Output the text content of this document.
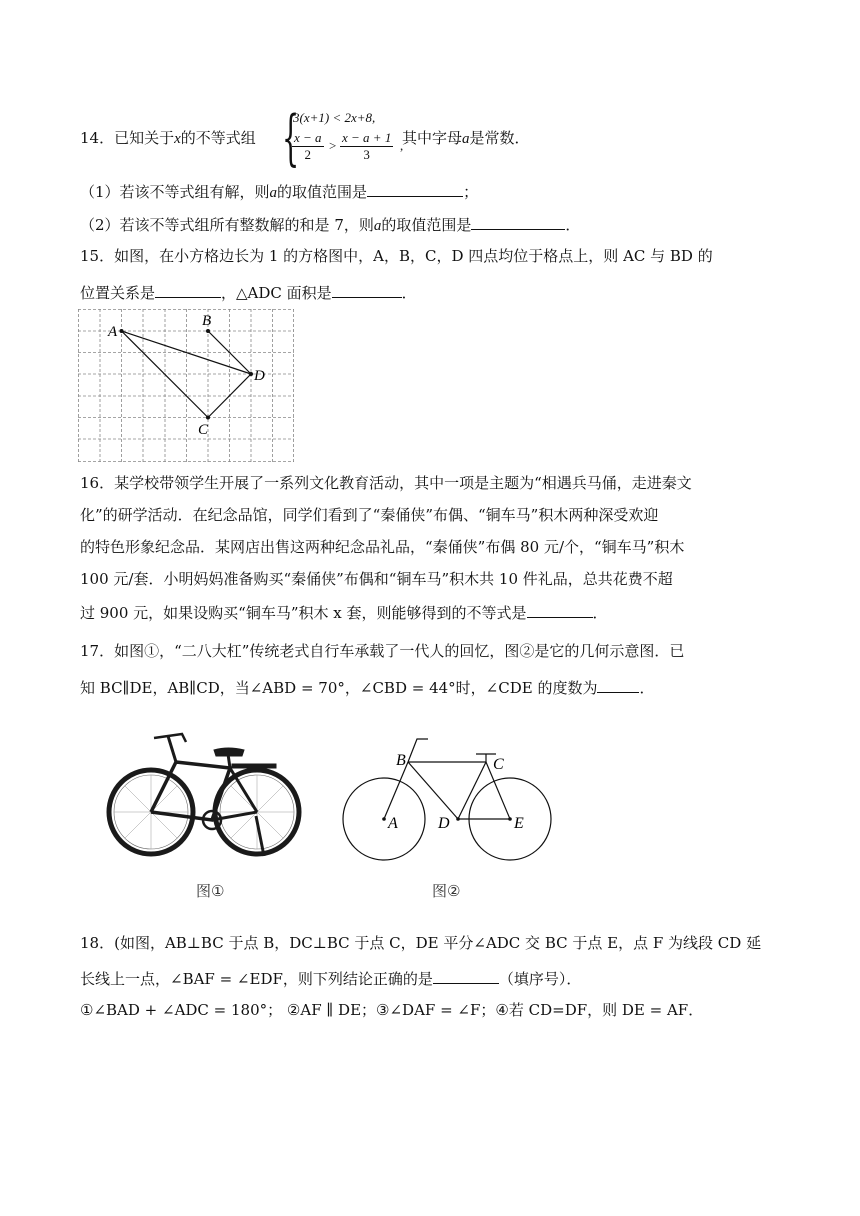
14．已知关于x的不等式组 {
3(x+1) < 2x+8,
$\frac{x - a}{2} > \frac{x - a + 1}{3}$ ,
其中字母a是常数．
（1）若该不等式组有解，则a的取值范围是	；
（2）若该不等式组所有整数解的和是 7，则a的取值范围是	．
15．如图，在小方格边长为 1 的方格图中，A，B，C，D 四点均位于格点上，则 AC 与 BD 的
位置关系是	，△ADC 面积是	．
A
B
D
C
16．某学校带领学生开展了一系列文化教育活动，其中一项是主题为“相遇兵马俑，走进秦文
化”的研学活动．在纪念品馆，同学们看到了“秦俑侠”布偶、“铜车马”积木两种深受欢迎
的特色形象纪念品．某网店出售这两种纪念品礼品，“秦俑侠”布偶 80 元/个，“铜车马”积木
100 元/套．小明妈妈准备购买“秦俑侠”布偶和“铜车马”积木共 10 件礼品，总共花费不超
过 900 元，如果设购买“铜车马”积木 x 套，则能够得到的不等式是	．
17．如图①，“二八大杠”传统老式自行车承载了一代人的回忆，图②是它的几何示意图．已
知 BC∥DE，AB∥CD，当∠ABD = 70°，∠CBD = 44°时，∠CDE 的度数为	．
图①
B	C
A	D	E
图②
18．(如图，AB⊥BC 于点 B，DC⊥BC 于点 C，DE 平分∠ADC 交 BC 于点 E，点 F 为线段 CD 延
长线上一点，∠BAF = ∠EDF，则下列结论正确的是	（填序号）．
①∠BAD + ∠ADC = 180°； ②AF ∥ DE；③∠DAF = ∠F；④若 CD=DF，则 DE = AF．
